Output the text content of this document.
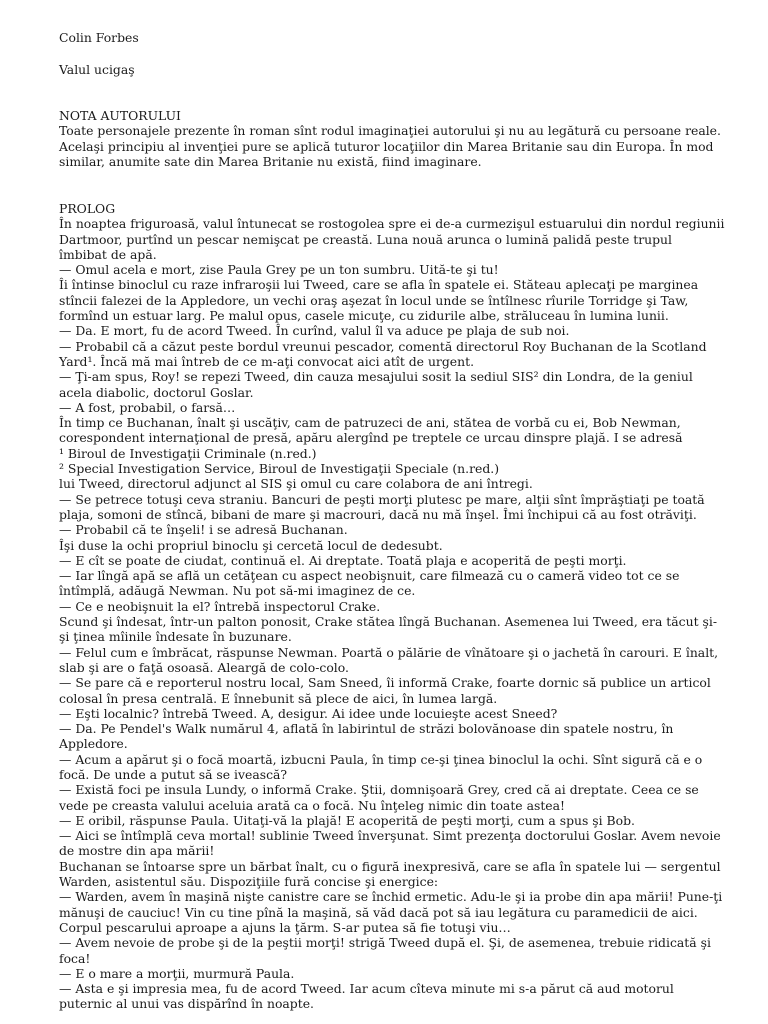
Colin Forbes
Valul ucigaş
NOTA AUTORULUI
Toate personajele prezente în roman sînt rodul imaginaţiei autorului şi nu au legătură cu persoane reale.
Acelaşi principiu al invenţiei pure se aplică tuturor locaţiilor din Marea Britanie sau din Europa. În mod
similar, anumite sate din Marea Britanie nu există, fiind imaginare.
PROLOG
În noaptea friguroasă, valul întunecat se rostogolea spre ei de-a curmezişul estuarului din nordul regiunii
Dartmoor, purtînd un pescar nemişcat pe creastă. Luna nouă arunca o lumină palidă peste trupul
îmbibat de apă.
— Omul acela e mort, zise Paula Grey pe un ton sumbru. Uită-te şi tu!
Îi întinse binoclul cu raze infraroşii lui Tweed, care se afla în spatele ei. Stăteau aplecaţi pe marginea
stîncii falezei de la Appledore, un vechi oraş aşezat în locul unde se întîlnesc rîurile Torridge şi Taw,
formînd un estuar larg. Pe malul opus, casele micuţe, cu zidurile albe, străluceau în lumina lunii.
— Da. E mort, fu de acord Tweed. În curînd, valul îl va aduce pe plaja de sub noi.
— Probabil că a căzut peste bordul vreunui pescador, comentă directorul Roy Buchanan de la Scotland
Yard¹. Încă mă mai întreb de ce m-aţi convocat aici atît de urgent.
— Ţi-am spus, Roy! se repezi Tweed, din cauza mesajului sosit la sediul SIS² din Londra, de la geniul
acela diabolic, doctorul Goslar.
— A fost, probabil, o farsă…
În timp ce Buchanan, înalt şi uscăţiv, cam de patruzeci de ani, stătea de vorbă cu ei, Bob Newman,
corespondent internaţional de presă, apăru alergînd pe treptele ce urcau dinspre plajă. I se adresă
¹ Biroul de Investigaţii Criminale (n.red.)
² Special Investigation Service, Biroul de Investigaţii Speciale (n.red.)
lui Tweed, directorul adjunct al SIS şi omul cu care colabora de ani întregi.
— Se petrece totuşi ceva straniu. Bancuri de peşti morţi plutesc pe mare, alţii sînt împrăştiaţi pe toată
plaja, somoni de stîncă, bibani de mare şi macrouri, dacă nu mă înşel. Îmi închipui că au fost otrăviţi.
— Probabil că te înşeli! i se adresă Buchanan.
Îşi duse la ochi propriul binoclu şi cercetă locul de dedesubt.
— E cît se poate de ciudat, continuă el. Ai dreptate. Toată plaja e acoperită de peşti morţi.
— Iar lîngă apă se află un cetăţean cu aspect neobişnuit, care filmează cu o cameră video tot ce se
întîmplă, adăugă Newman. Nu pot să-mi imaginez de ce.
— Ce e neobişnuit la el? întrebă inspectorul Crake.
Scund şi îndesat, într-un palton ponosit, Crake stătea lîngă Buchanan. Asemenea lui Tweed, era tăcut şi-
şi ţinea mîinile îndesate în buzunare.
— Felul cum e îmbrăcat, răspunse Newman. Poartă o pălărie de vînătoare şi o jachetă în carouri. E înalt,
slab şi are o faţă osoasă. Aleargă de colo-colo.
— Se pare că e reporterul nostru local, Sam Sneed, îi informă Crake, foarte dornic să publice un articol
colosal în presa centrală. E înnebunit să plece de aici, în lumea largă.
— Eşti localnic? întrebă Tweed. A, desigur. Ai idee unde locuieşte acest Sneed?
— Da. Pe Pendel's Walk numărul 4, aflată în labirintul de străzi bolovănoase din spatele nostru, în
Appledore.
— Acum a apărut şi o focă moartă, izbucni Paula, în timp ce-şi ţinea binoclul la ochi. Sînt sigură că e o
focă. De unde a putut să se ivească?
— Există foci pe insula Lundy, o informă Crake. Ştii, domnişoară Grey, cred că ai dreptate. Ceea ce se
vede pe creasta valului aceluia arată ca o focă. Nu înţeleg nimic din toate astea!
— E oribil, răspunse Paula. Uitaţi-vă la plajă! E acoperită de peşti morţi, cum a spus şi Bob.
— Aici se întîmplă ceva mortal! sublinie Tweed înverşunat. Simt prezenţa doctorului Goslar. Avem nevoie
de mostre din apa mării!
Buchanan se întoarse spre un bărbat înalt, cu o figură inexpresivă, care se afla în spatele lui — sergentul
Warden, asistentul său. Dispoziţiile fură concise şi energice:
— Warden, avem în maşină nişte canistre care se închid ermetic. Adu-le şi ia probe din apa mării! Pune-ţi
mănuşi de cauciuc! Vin cu tine pînă la maşină, să văd dacă pot să iau legătura cu paramedicii de aici.
Corpul pescarului aproape a ajuns la ţărm. S-ar putea să fie totuşi viu…
— Avem nevoie de probe şi de la peştii morţi! strigă Tweed după el. Şi, de asemenea, trebuie ridicată şi
foca!
— E o mare a morţii, murmură Paula.
— Asta e şi impresia mea, fu de acord Tweed. Iar acum cîteva minute mi s-a părut că aud motorul
puternic al unui vas dispărînd în noapte.
